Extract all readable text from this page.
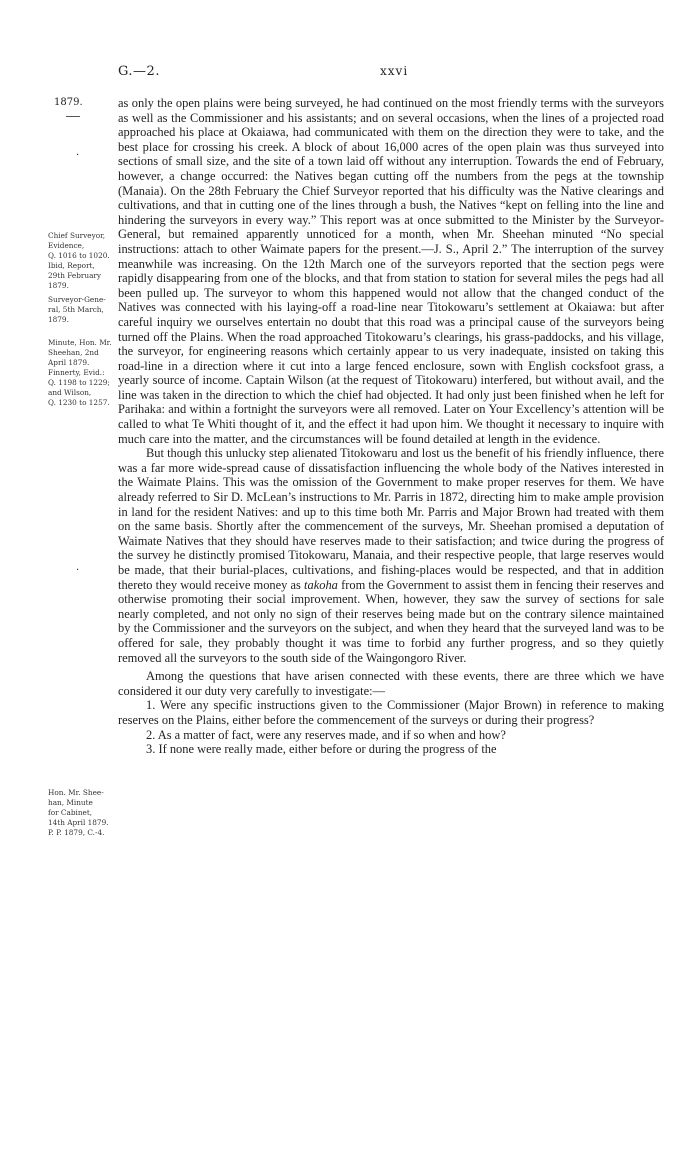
G.—2.	xxvi
1879.
·
·
Chief Surveyor,
Evidence,
Q. 1016 to 1020.
Ibid, Report,
29th February
1879.
Surveyor-Gene-
ral, 5th March,
1879.
Minute, Hon. Mr.
Sheehan, 2nd
April 1879.
Finnerty, Evid.:
Q. 1198 to 1229;
and Wilson,
Q. 1230 to 1257.
Hon. Mr. Shee-
han, Minute
for Cabinet,
14th April 1879.
P. P. 1879, C.-4.

as only the open plains were being surveyed, he had continued on the most friendly terms with the surveyors as well as the Commissioner and his assistants; and on several occasions, when the lines of a projected road approached his place at Okaiawa, had communicated with them on the direction they were to take, and the best place for crossing his creek. A block of about 16,000 acres of the open plain was thus surveyed into sections of small size, and the site of a town laid off without any interruption. Towards the end of February, however, a change occurred: the Natives began cutting off the numbers from the pegs at the township (Manaia). On the 28th February the Chief Surveyor reported that his difficulty was the Native clearings and cultivations, and that in cutting one of the lines through a bush, the Natives “kept on felling into the line and hindering the surveyors in every way.” This report was at once submitted to the Minister by the Surveyor-General, but remained apparently unnoticed for a month, when Mr. Sheehan minuted “No special instructions: attach to other Waimate papers for the present.—J. S., April 2.” The interruption of the survey meanwhile was increasing. On the 12th March one of the surveyors reported that the section pegs were rapidly disappearing from one of the blocks, and that from station to station for several miles the pegs had all been pulled up. The surveyor to whom this happened would not allow that the changed conduct of the Natives was connected with his laying-off a road-line near Titokowaru’s settlement at Okaiawa: but after careful inquiry we ourselves entertain no doubt that this road was a principal cause of the surveyors being turned off the Plains. When the road approached Titokowaru’s clearings, his grass-paddocks, and his village, the surveyor, for engineering reasons which certainly appear to us very inadequate, insisted on taking this road-line in a direction where it cut into a large fenced enclosure, sown with English cocksfoot grass, a yearly source of income. Captain Wilson (at the request of Titokowaru) interfered, but without avail, and the line was taken in the direction to which the chief had objected. It had only just been finished when he left for Parihaka: and within a fortnight the surveyors were all removed. Later on Your Excellency’s attention will be called to what Te Whiti thought of it, and the effect it had upon him. We thought it necessary to inquire with much care into the matter, and the circumstances will be found detailed at length in the evidence.

But though this unlucky step alienated Titokowaru and lost us the benefit of his friendly influence, there was a far more wide-spread cause of dissatisfaction influencing the whole body of the Natives interested in the Waimate Plains. This was the omission of the Government to make proper reserves for them. We have already referred to Sir D. McLean’s instructions to Mr. Parris in 1872, directing him to make ample provision in land for the resident Natives: and up to this time both Mr. Parris and Major Brown had treated with them on the same basis. Shortly after the commencement of the surveys, Mr. Sheehan promised a deputation of Waimate Natives that they should have reserves made to their satisfaction; and twice during the progress of the survey he distinctly promised Titokowaru, Manaia, and their respective people, that large reserves would be made, that their burial-places, cultivations, and fishing-places would be respected, and that in addition thereto they would receive money as takoha from the Government to assist them in fencing their reserves and otherwise promoting their social improvement. When, however, they saw the survey of sections for sale nearly completed, and not only no sign of their reserves being made but on the contrary silence maintained by the Commissioner and the surveyors on the subject, and when they heard that the surveyed land was to be offered for sale, they probably thought it was time to forbid any further progress, and so they quietly removed all the surveyors to the south side of the Waingongoro River.

Among the questions that have arisen connected with these events, there are three which we have considered it our duty very carefully to investigate:—

1. Were any specific instructions given to the Commissioner (Major Brown) in reference to making reserves on the Plains, either before the commencement of the surveys or during their progress?

2. As a matter of fact, were any reserves made, and if so when and how?

3. If none were really made, either before or during the progress of the
